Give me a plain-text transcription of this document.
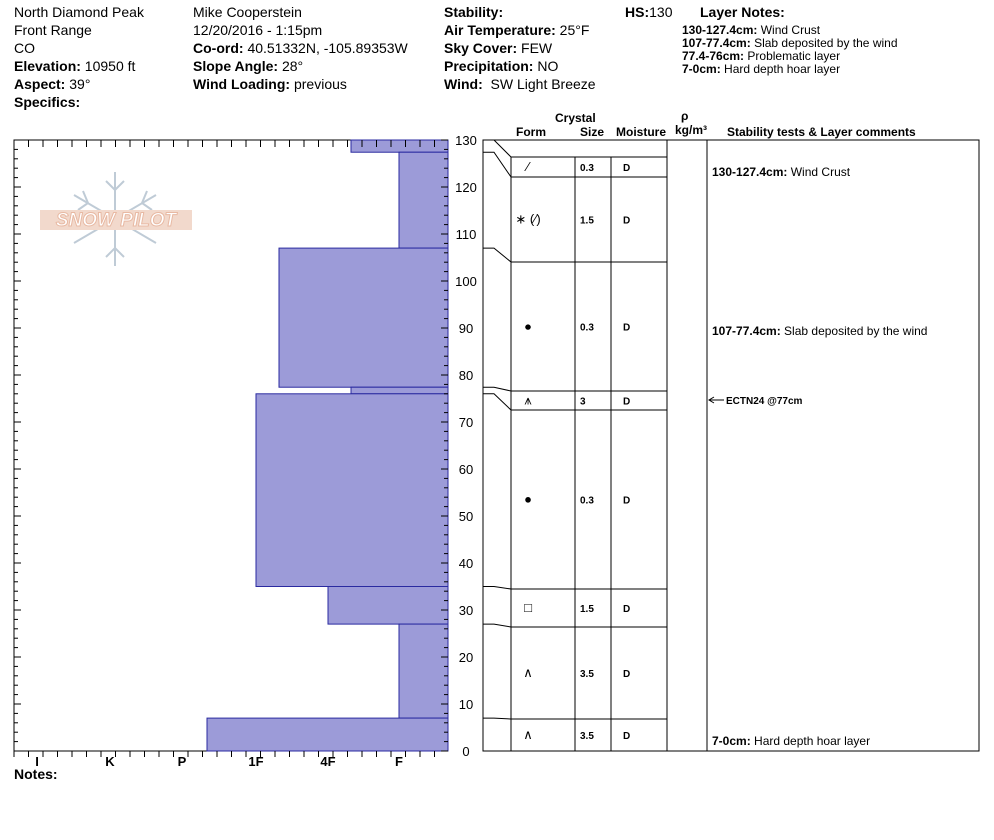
North Diamond Peak
Front Range
CO
Elevation: 10950 ft
Aspect: 39°
Specifics:
Mike Cooperstein
12/20/2016 - 1:15pm
Co-ord: 40.51332N, -105.89353W
Slope Angle: 28°
Wind Loading: previous
Stability:
Air Temperature: 25°F
Sky Cover: FEW
Precipitation: NO
Wind: SW Light Breeze
HS:130 Layer Notes:
130-127.4cm: Wind Crust
107-77.4cm: Slab deposited by the wind
77.4-76cm: Problematic layer
7-0cm: Hard depth hoar layer
Crystal
Form	Size Moisture
ρ
kg/m³ Stability tests & Layer comments
Notes:
SNOW PILOT
I	K	P	1F	4F	F
0
10
20
30
40
50
60
70
80
90
100
110
120
130
⁄	0.3	D
∗ (⁄)	1.5	D
⦁	0.3	D
⩚	3	D
●	0.3	D
□	1.5	D
∧	3.5	D
∧	3.5	D
130-127.4cm: Wind Crust
107-77.4cm: Slab deposited by the wind
7-0cm: Hard depth hoar layer
ECTN24 @77cm
